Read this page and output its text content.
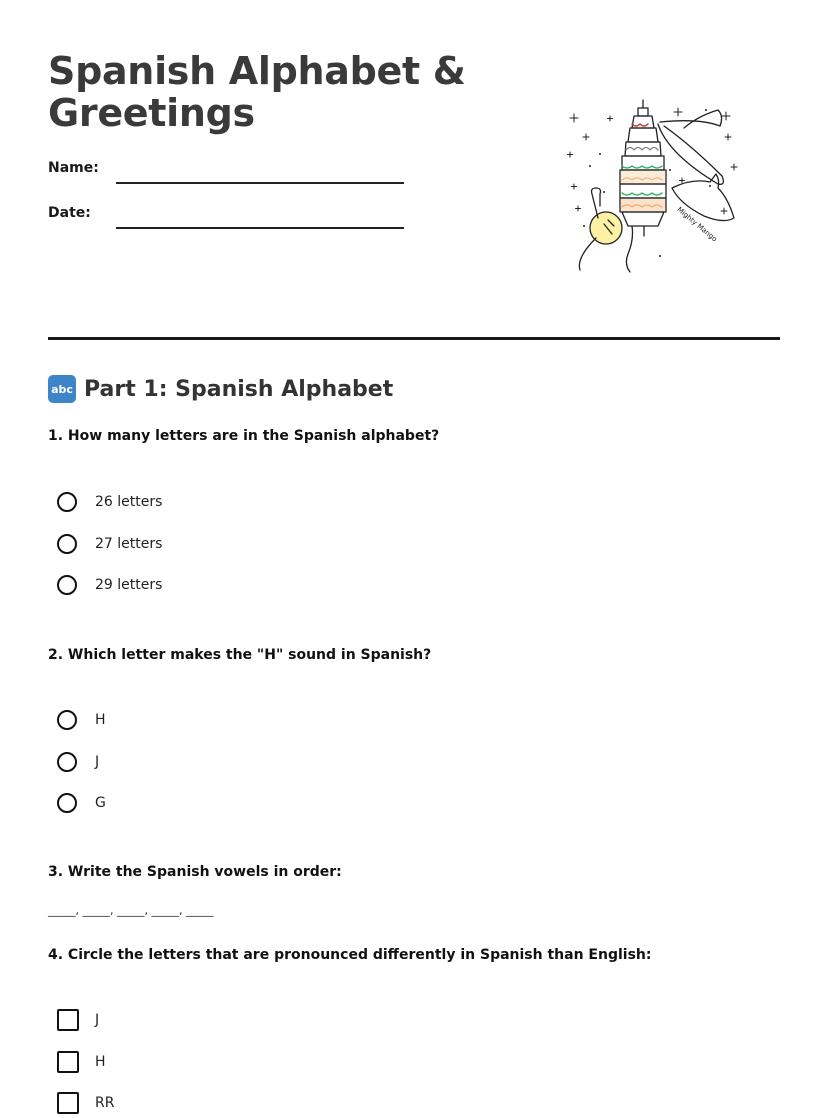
Spanish Alphabet &
Greetings
Name:
Date:	Mighty Mango
abc Part 1: Spanish Alphabet
1. How many letters are in the Spanish alphabet?
26 letters
27 letters
29 letters
2. Which letter makes the "H" sound in Spanish?
H
J
G
3. Write the Spanish vowels in order:
_____, _____, _____, _____, _____
4. Circle the letters that are pronounced differently in Spanish than English:
J
H
RR
